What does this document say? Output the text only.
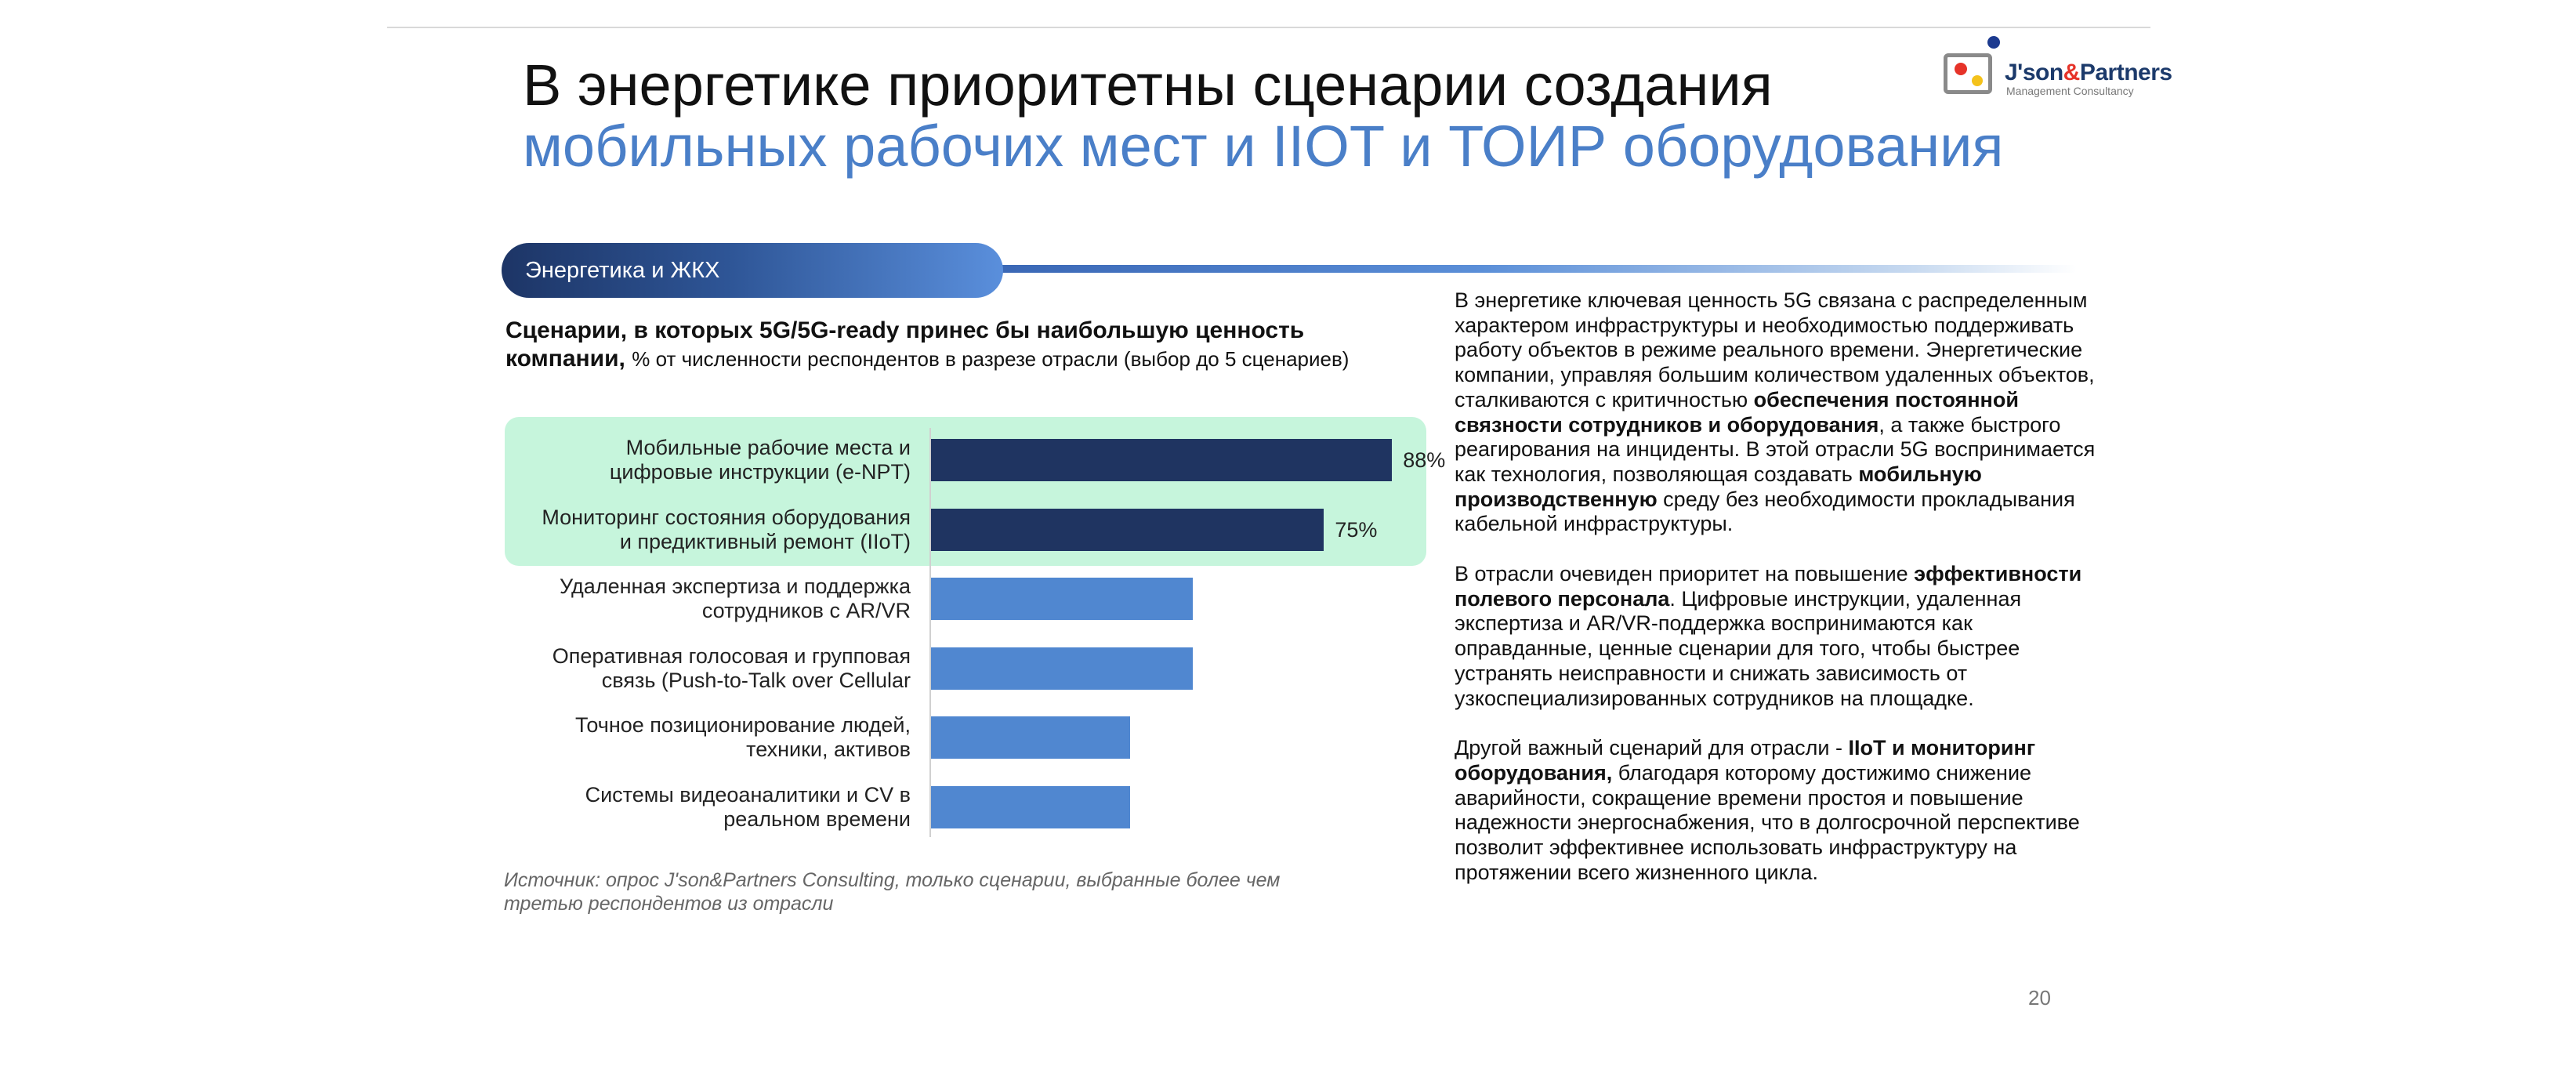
В энергетике приоритетны сценарии создания
мобильных рабочих мест и IIOT и ТОИР оборудования
J'son&Partners
Management Consultancy
Энергетика и ЖКХ
Сценарии, в которых 5G/5G-ready принес бы наибольшую ценность компании, % от численности респондентов в разрезе отрасли (выбор до 5 сценариев)
Мобильные рабочие места и
цифровые инструкции (e-NPT)	88%
Мониторинг состояния оборудования
и предиктивный ремонт (IIoT)	75%
Удаленная экспертиза и поддержка
сотрудников с AR/VR
Оперативная голосовая и групповая
связь (Push-to-Talk over Cellular
Точное позиционирование людей,
техники, активов
Системы видеоаналитики и CV в
реальном времени
Источник: опрос J'son&Partners Consulting, только сценарии, выбранные более чем третью респондентов из отрасли

В энергетике ключевая ценность 5G связана с распределенным характером инфраструктуры и необходимостью поддерживать работу объектов в режиме реального времени. Энергетические компании, управляя большим количеством удаленных объектов, сталкиваются с критичностью обеспечения постоянной связности сотрудников и оборудования, а также быстрого реагирования на инциденты. В этой отрасли 5G воспринимается как технология, позволяющая создавать мобильную производственную среду без необходимости прокладывания кабельной инфраструктуры.

В отрасли очевиден приоритет на повышение эффективности полевого персонала. Цифровые инструкции, удаленная экспертиза и AR/VR-поддержка воспринимаются как оправданные, ценные сценарии для того, чтобы быстрее устранять неисправности и снижать зависимость от узкоспециализированных сотрудников на площадке.

Другой важный сценарий для отрасли - IIoT и мониторинг оборудования, благодаря которому достижимо снижение аварийности, сокращение времени простоя и повышение надежности энергоснабжения, что в долгосрочной перспективе позволит эффективнее использовать инфраструктуру на протяжении всего жизненного цикла.

20
